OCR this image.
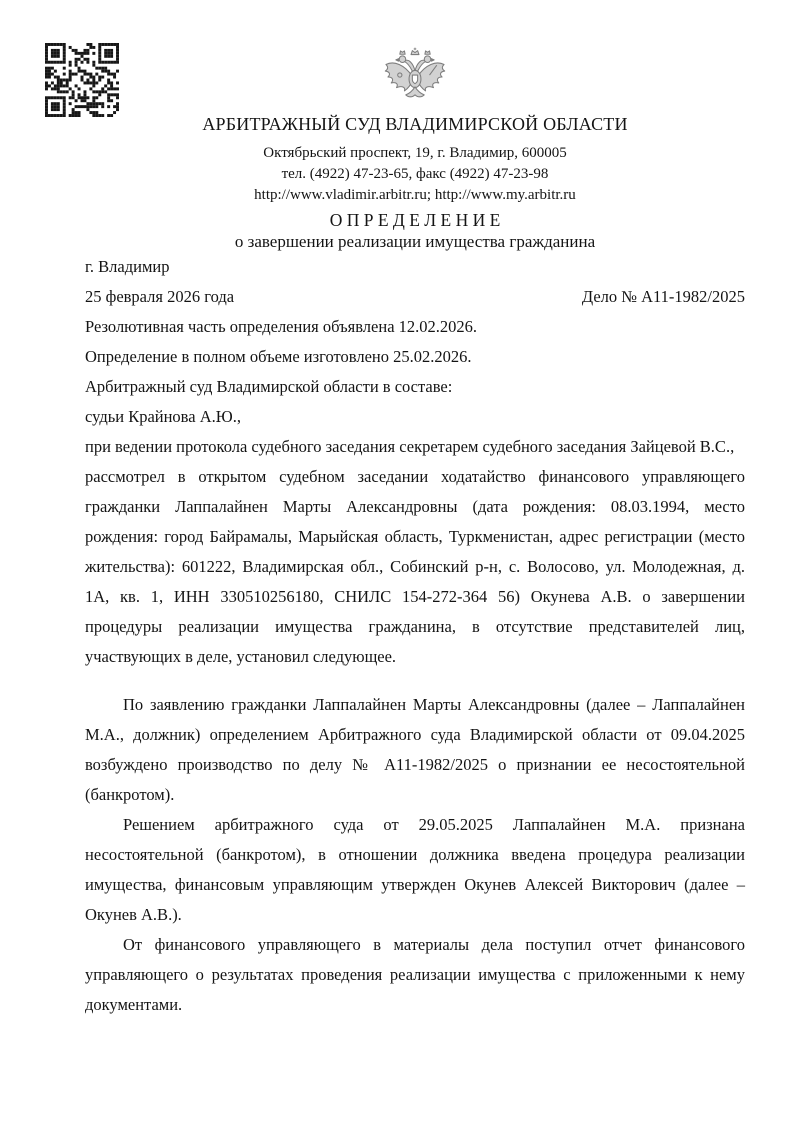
АРБИТРАЖНЫЙ СУД ВЛАДИМИРСКОЙ ОБЛАСТИ
Октябрьский проспект, 19, г. Владимир, 600005
тел. (4922) 47-23-65, факс (4922) 47-23-98
http://www.vladimir.arbitr.ru; http://www.my.arbitr.ru
О П Р Е Д Е Л Е Н И Е
о завершении реализации имущества гражданина
г. Владимир
25 февраля 2026 года	Дело № А11-1982/2025
Резолютивная часть определения объявлена 12.02.2026.
Определение в полном объеме изготовлено 25.02.2026.

Арбитражный суд Владимирской области в составе:

судьи Крайнова А.Ю.,

при ведении протокола судебного заседания секретарем судебного заседания Зайцевой В.С.,

рассмотрел в открытом судебном заседании ходатайство финансового управляющего гражданки Лаппалайнен Марты Александровны (дата рождения: 08.03.1994, место рождения: город Байрамалы, Марыйская область, Туркменистан, адрес регистрации (место жительства): 601222, Владимирская обл., Собинский р-н, с. Волосово, ул. Молодежная, д. 1А, кв. 1, ИНН 330510256180, СНИЛС 154-272-364 56) Окунева А.В. о завершении процедуры реализации имущества гражданина, в отсутствие представителей лиц, участвующих в деле, установил следующее.

По заявлению гражданки Лаппалайнен Марты Александровны (далее – Лаппалайнен М.А., должник) определением Арбитражного суда Владимирской области от 09.04.2025 возбуждено производство по делу № А11-1982/2025 о признании ее несостоятельной (банкротом).

Решением арбитражного суда от 29.05.2025 Лаппалайнен М.А. признана несостоятельной (банкротом), в отношении должника введена процедура реализации имущества, финансовым управляющим утвержден Окунев Алексей Викторович (далее – Окунев А.В.).

От финансового управляющего в материалы дела поступил отчет финансового управляющего о результатах проведения реализации имущества с приложенными к нему документами.
